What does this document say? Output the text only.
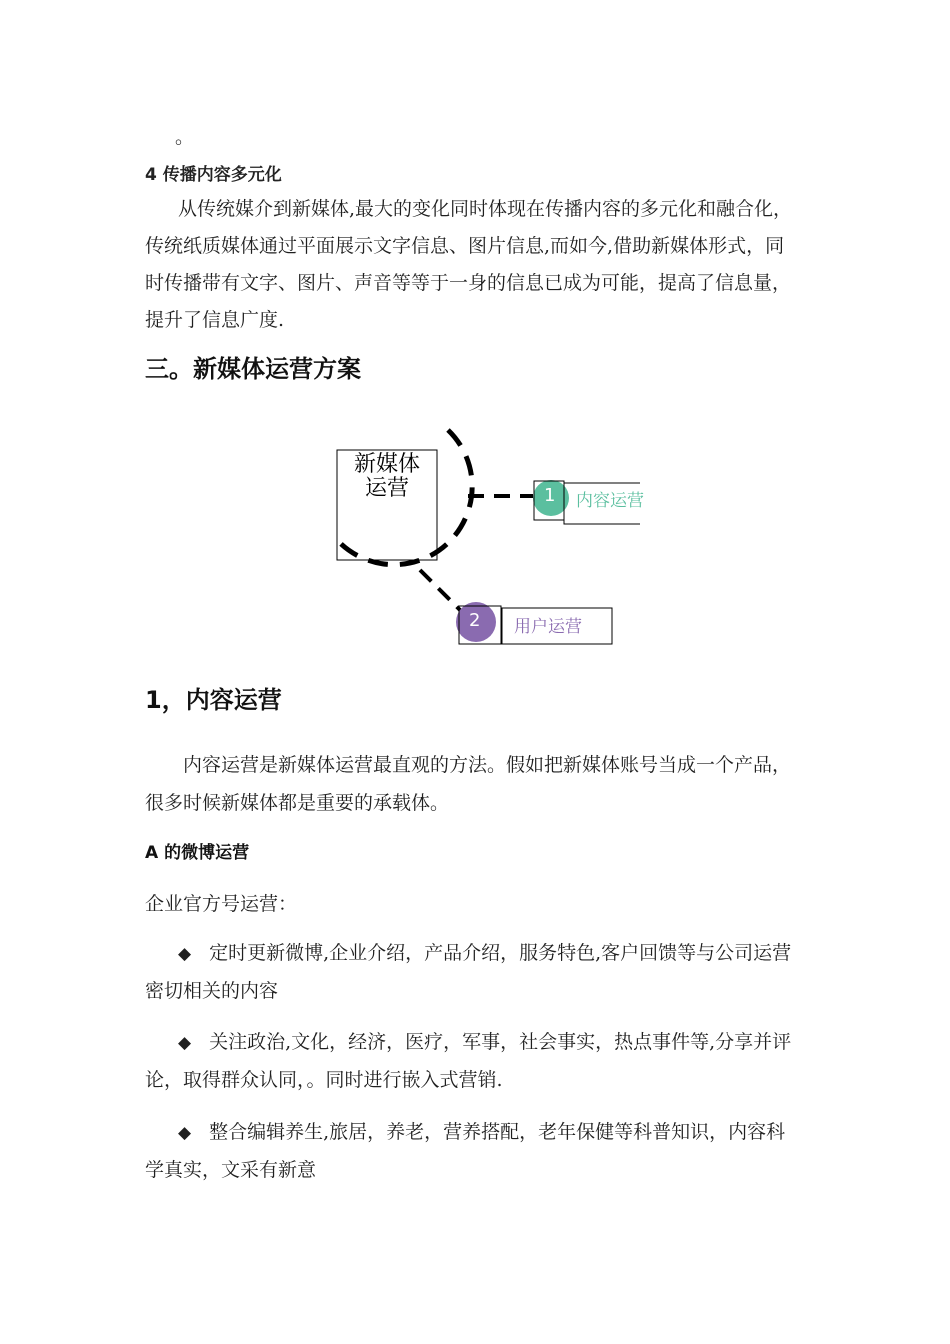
。
4 传播内容多元化
从传统媒介到新媒体,最大的变化同时体现在传播内容的多元化和融合化，
传统纸质媒体通过平面展示文字信息、图片信息,而如今,借助新媒体形式，同
时传播带有文字、图片、声音等等于一身的信息已成为可能，提高了信息量，
提升了信息广度.
三。新媒体运营方案
新媒体
运营	1 内容运营
2 用户运营
1，内容运营
内容运营是新媒体运营最直观的方法。假如把新媒体账号当成一个产品，
很多时候新媒体都是重要的承载体。
A 的微博运营
企业官方号运营：
◆ 定时更新微博,企业介绍，产品介绍，服务特色,客户回馈等与公司运营
密切相关的内容
◆ 关注政治,文化，经济，医疗，军事，社会事实，热点事件等,分享并评
论，取得群众认同，。同时进行嵌入式营销.
◆ 整合编辑养生,旅居，养老，营养搭配，老年保健等科普知识，内容科
学真实，文采有新意
